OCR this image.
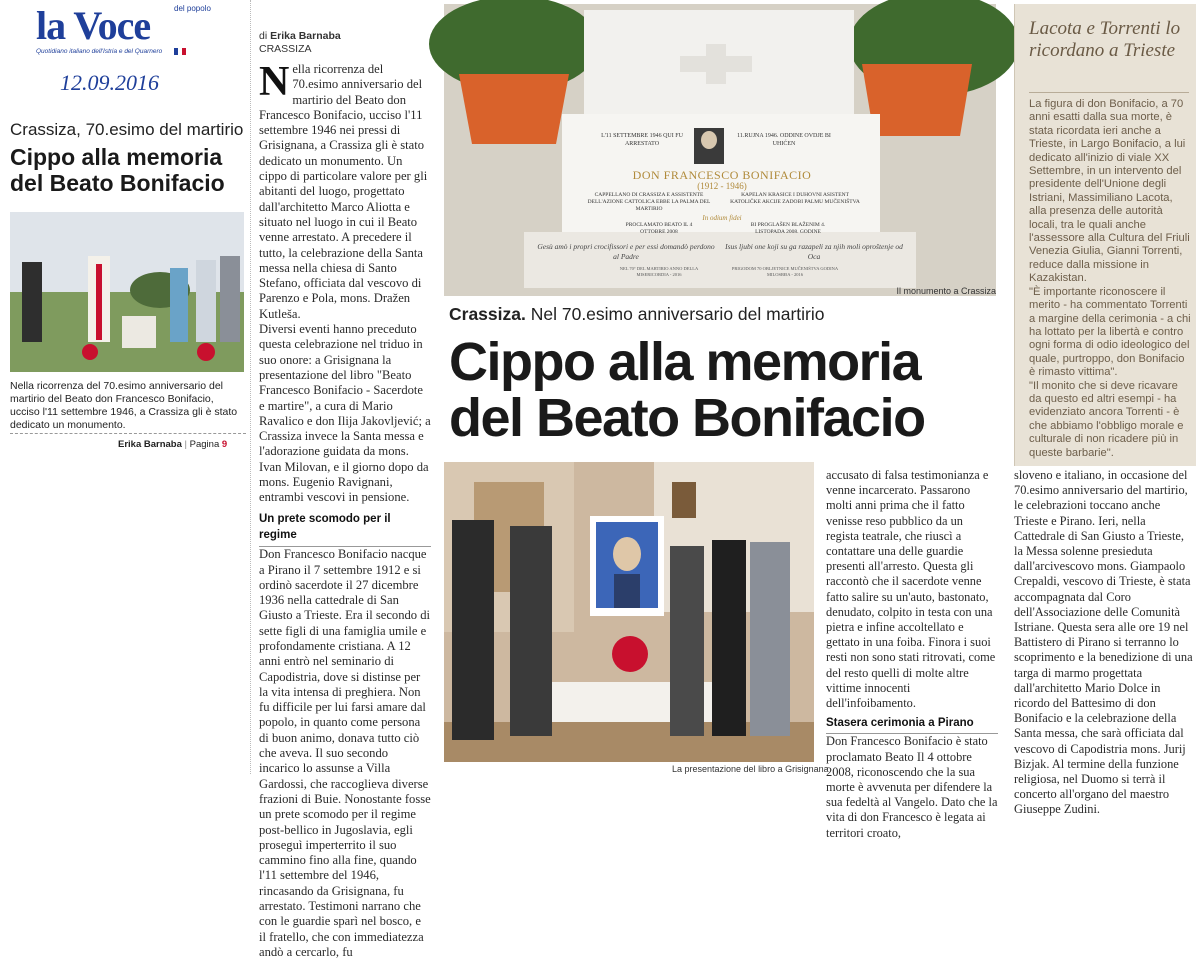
la Voce	del popolo
Quotidiano italiano dell'Istria e del Quarnero
12.09.2016
Crassiza, 70.esimo del martirio
Cippo alla memoria del Beato Bonifacio
Nella ricorrenza del 70.esimo anniversario del martirio del Beato don Francesco Bonifacio, ucciso l'11 settembre 1946, a Crassiza gli è stato dedicato un monumento.
Erika Barnaba | Pagina 9
di Erika Barnaba
CRASSIZA
N ella ricorrenza del 70.esimo anniversario del martirio del Beato don Francesco Bonifacio, ucciso l'11 settembre 1946 nei pressi di Grisignana, a Crassiza gli è stato dedicato un monumento. Un cippo di particolare valore per gli abitanti del luogo, progettato dall'architetto Marco Aliotta e situato nel luogo in cui il Beato venne arrestato. A precedere il tutto, la celebrazione della Santa messa nella chiesa di Santo Stefano, officiata dal vescovo di Parenzo e Pola, mons. Dražen Kutleša.

Diversi eventi hanno preceduto questa celebrazione nel triduo in suo onore: a Grisignana la presentazione del libro "Beato Francesco Bonifacio - Sacerdote e martire", a cura di Mario Ravalico e don Ilija Jakovljević; a Crassiza invece la Santa messa e l'adorazione guidata da mons. Ivan Milovan, e il giorno dopo da mons. Eugenio Ravignani, entrambi vescovi in pensione.

Un prete scomodo per il regime

Don Francesco Bonifacio nacque a Pirano il 7 settembre 1912 e si ordinò sacerdote il 27 dicembre 1936 nella cattedrale di San Giusto a Trieste. Era il secondo di sette figli di una famiglia umile e profondamente cristiana. A 12 anni entrò nel seminario di Capodistria, dove si distinse per la vita intensa di preghiera. Non fu difficile per lui farsi amare dal popolo, in quanto come persona di buon animo, donava tutto ciò che aveva. Il suo secondo incarico lo assunse a Villa Gardossi, che raccoglieva diverse frazioni di Buie. Nonostante fosse un prete scomodo per il regime post-bellico in Jugoslavia, egli proseguì imperterrito il suo cammino fino alla fine, quando l'11 settembre del 1946, rincasando da Grisignana, fu arrestato. Testimoni narrano che con le guardie sparì nel bosco, e il fratello, che con immediatezza andò a cercarlo, fu

L'11 SETTEMBRE 1946 QUI FU ARRESTATO
11.RUJNA 1946. ODDINE OVDJE BI UHIĆEN
DON FRANCESCO BONIFACIO
(1912 - 1946)
CAPPELLANO DI CRASSIZA E ASSISTENTE DELL'AZIONE CATTOLICA EBBE LA PALMA DEL MARTIRIO
KAPELAN KRASICE I DUHOVNI ASISTENT KATOLIČKE AKCIJE ZADOBI PALMU MUČENIŠTVA
In odium fidei
PROCLAMATO BEATO IL 4 OTTOBRE 2008
BI PROGLAŠEN BLAŽENIM 4. LISTOPADA 2008. GODINE
Gesù amò i propri crocifissori e per essi domandò perdono al Padre
Isus ljubi one koji su ga razapeli za njih moli oproštenje od Oca
NEL 70° DEL MARTIRIO ANNO DELLA MISERICORDIA - 2016
PRIGODOM 70 OBLJETNICE MUČENIŠTVA GODINA MILOSRĐA - 2016
Il monumento a Crassiza
Crassiza. Nel 70.esimo anniversario del martirio
Cippo alla memoria
del Beato Bonifacio
Lacota e Torrenti lo ricordano a Trieste

La figura di don Bonifacio, a 70 anni esatti dalla sua morte, è stata ricordata ieri anche a Trieste, in Largo Bonifacio, a lui dedicato all'inizio di viale XX Settembre, in un intervento del presidente dell'Unione degli Istriani, Massimiliano Lacota, alla presenza delle autorità locali, tra le quali anche l'assessore alla Cultura del Friuli Venezia Giulia, Gianni Torrenti, reduce dalla missione in Kazakistan.

"È importante riconoscere il merito - ha commentato Torrenti a margine della cerimonia - a chi ha lottato per la libertà e contro ogni forma di odio ideologico del quale, purtroppo, don Bonifacio è rimasto vittima".

"Il monito che si deve ricavare da questo ed altri esempi - ha evidenziato ancora Torrenti - è che abbiamo l'obbligo morale e culturale di non ricadere più in queste barbarie".

La presentazione del libro a Grisignana

accusato di falsa testimonianza e venne incarcerato. Passarono molti anni prima che il fatto venisse reso pubblico da un regista teatrale, che riuscì a contattare una delle guardie presenti all'arresto. Questa gli raccontò che il sacerdote venne fatto salire su un'auto, bastonato, denudato, colpito in testa con una pietra e infine accoltellato e gettato in una foiba. Finora i suoi resti non sono stati ritrovati, come del resto quelli di molte altre vittime innocenti dell'infoibamento.

Stasera cerimonia a Pirano

Don Francesco Bonifacio è stato proclamato Beato Il 4 ottobre 2008, riconoscendo che la sua morte è avvenuta per difendere la sua fedeltà al Vangelo. Dato che la vita di don Francesco è legata ai territori croato,

sloveno e italiano, in occasione del 70.esimo anniversario del martirio, le celebrazioni toccano anche Trieste e Pirano. Ieri, nella Cattedrale di San Giusto a Trieste, la Messa solenne presieduta dall'arcivescovo mons. Giampaolo Crepaldi, vescovo di Trieste, è stata accompagnata dal Coro dell'Associazione delle Comunità Istriane. Questa sera alle ore 19 nel Battistero di Pirano si terranno lo scoprimento e la benedizione di una targa di marmo progettata dall'architetto Mario Dolce in ricordo del Battesimo di don Bonifacio e la celebrazione della Santa messa, che sarà officiata dal vescovo di Capodistria mons. Jurij Bizjak. Al termine della funzione religiosa, nel Duomo si terrà il concerto all'organo del maestro Giuseppe Zudini.
